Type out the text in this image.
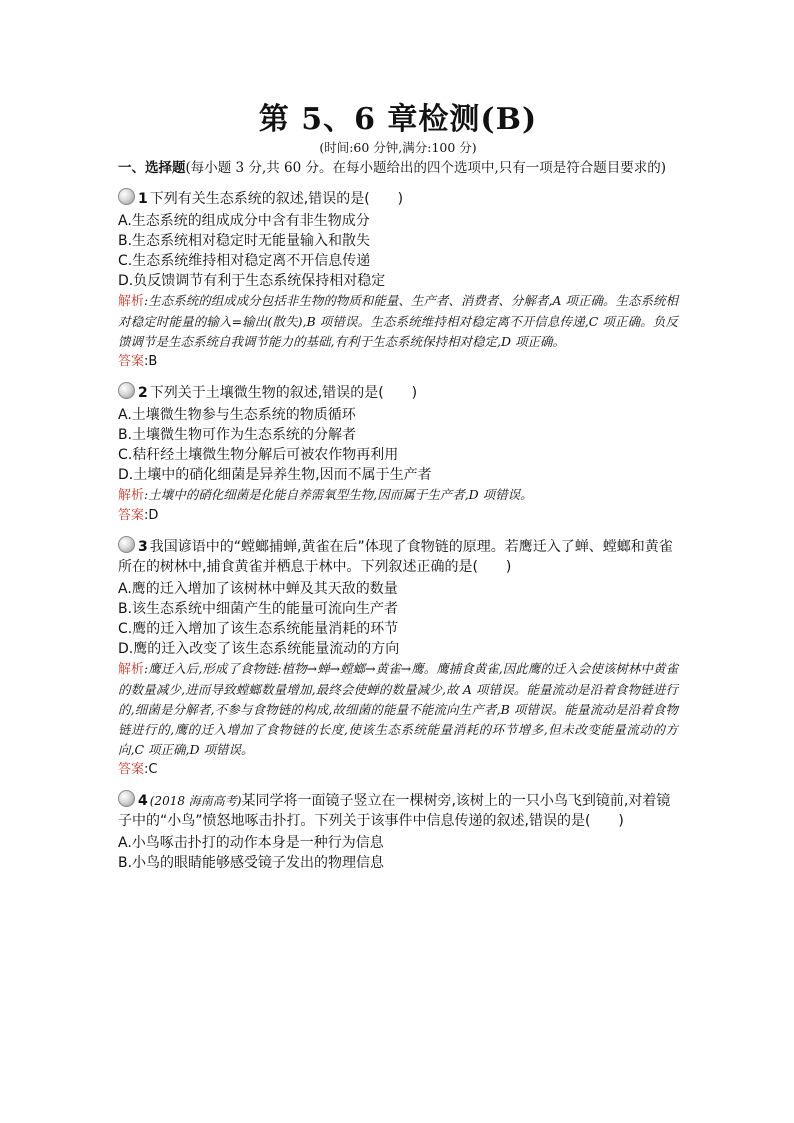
第 5、6 章检测(B)

(时间:60 分钟,满分:100 分)

一、选择题(每小题 3 分,共 60 分。在每小题给出的四个选项中,只有一项是符合题目要求的)

1 下列有关生态系统的叙述,错误的是(　　)

A.生态系统的组成成分中含有非生物成分

B.生态系统相对稳定时无能量输入和散失

C.生态系统维持相对稳定离不开信息传递

D.负反馈调节有利于生态系统保持相对稳定

解析:生态系统的组成成分包括非生物的物质和能量、生产者、消费者、分解者,A 项正确。生态系统相对稳定时能量的输入=输出(散失),B 项错误。生态系统维持相对稳定离不开信息传递,C 项正确。负反馈调节是生态系统自我调节能力的基础,有利于生态系统保持相对稳定,D 项正确。

答案:B

2 下列关于土壤微生物的叙述,错误的是(　　)

A.土壤微生物参与生态系统的物质循环

B.土壤微生物可作为生态系统的分解者

C.秸秆经土壤微生物分解后可被农作物再利用

D.土壤中的硝化细菌是异养生物,因而不属于生产者

解析:土壤中的硝化细菌是化能自养需氧型生物,因而属于生产者,D 项错误。

答案:D

3 我国谚语中的“螳螂捕蝉,黄雀在后”体现了食物链的原理。若鹰迁入了蝉、螳螂和黄雀所在的树林中,捕食黄雀并栖息于林中。下列叙述正确的是(　　)

A.鹰的迁入增加了该树林中蝉及其天敌的数量

B.该生态系统中细菌产生的能量可流向生产者

C.鹰的迁入增加了该生态系统能量消耗的环节

D.鹰的迁入改变了该生态系统能量流动的方向

解析:鹰迁入后,形成了食物链:植物→蝉→螳螂→黄雀→鹰。鹰捕食黄雀,因此鹰的迁入会使该树林中黄雀的数量减少,进而导致螳螂数量增加,最终会使蝉的数量减少,故 A 项错误。能量流动是沿着食物链进行的,细菌是分解者,不参与食物链的构成,故细菌的能量不能流向生产者,B 项错误。能量流动是沿着食物链进行的,鹰的迁入增加了食物链的长度,使该生态系统能量消耗的环节增多,但未改变能量流动的方向,C 项正确,D 项错误。

答案:C

4 (2018 海南高考)某同学将一面镜子竖立在一棵树旁,该树上的一只小鸟飞到镜前,对着镜子中的“小鸟”愤怒地啄击扑打。下列关于该事件中信息传递的叙述,错误的是(　　)

A.小鸟啄击扑打的动作本身是一种行为信息

B.小鸟的眼睛能够感受镜子发出的物理信息
